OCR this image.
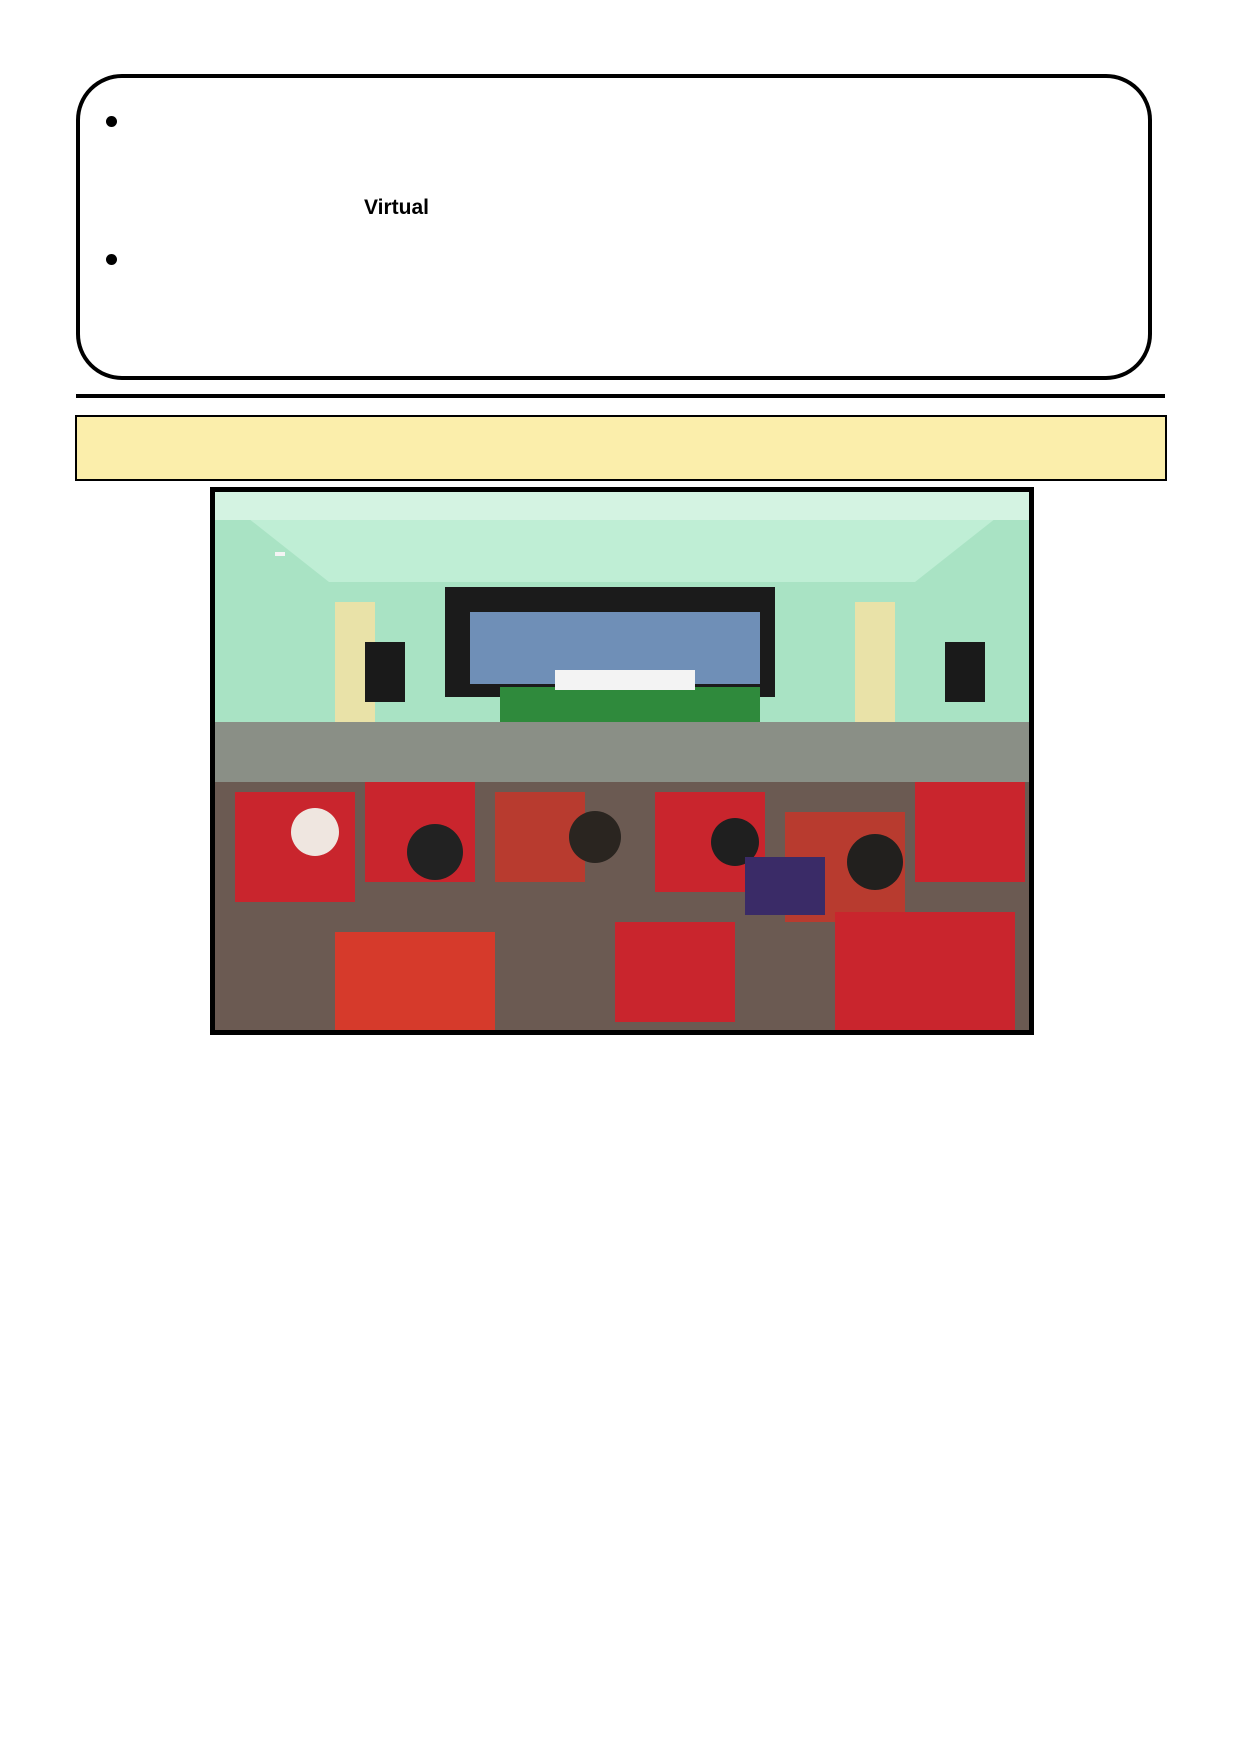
Virtual
